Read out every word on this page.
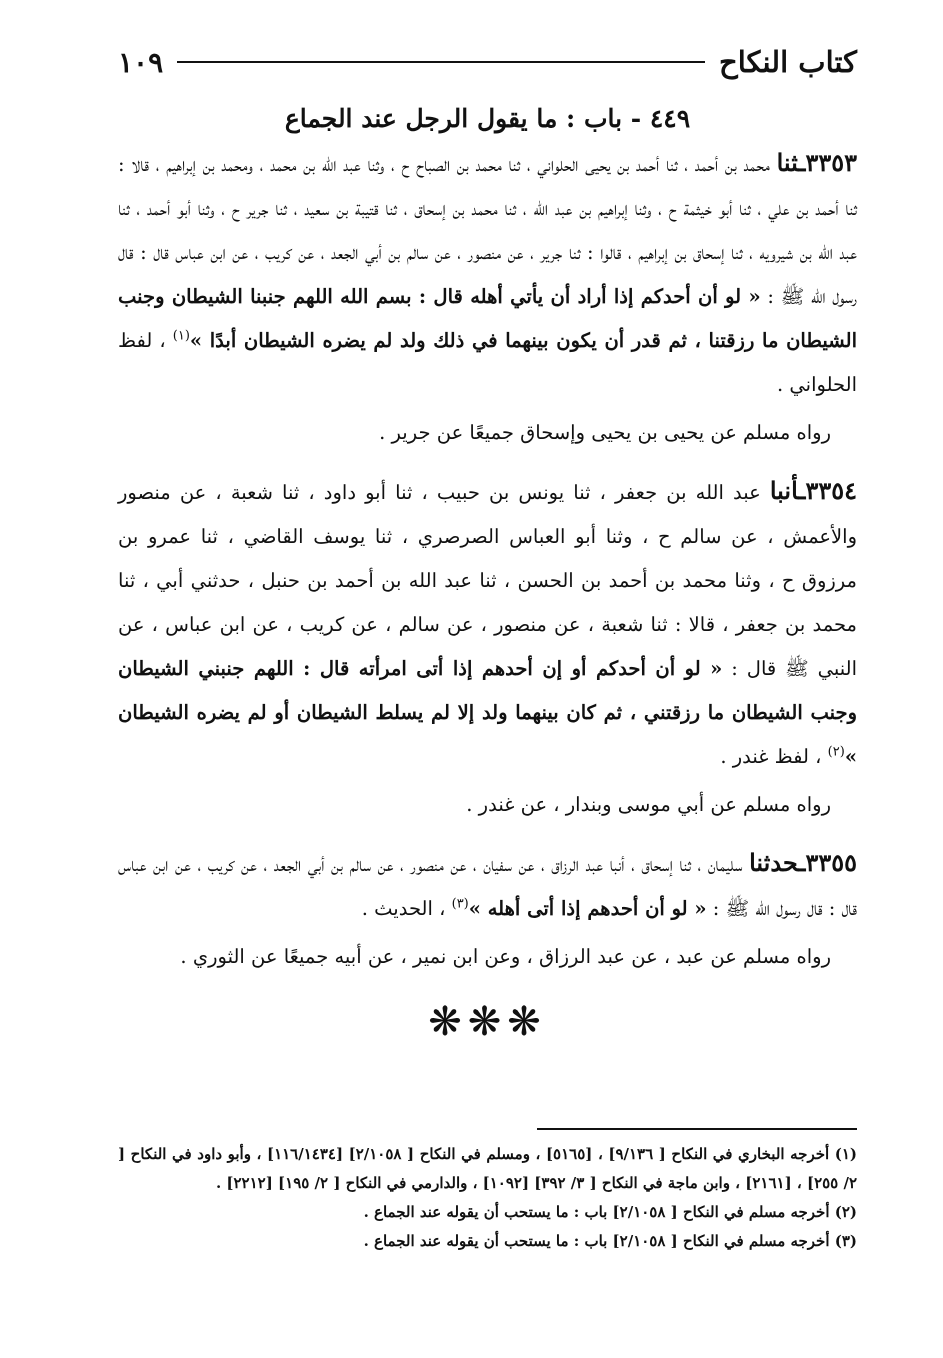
١٠٩	كتاب النكاح
٤٤٩ - باب : ما يقول الرجل عند الجماع

٣٣٥٣ـثنا محمد بن أحمد ، ثنا أحمد بن يحيى الحلواني ، ثنا محمد بن الصباح ح ، وثنا عبد الله بن محمد ، ومحمد بن إبراهيم ، قالا : ثنا أحمد بن علي ، ثنا أبو خيثمة ح ، وثنا إبراهيم بن عبد الله ، ثنا محمد بن إسحاق ، ثنا قتيبة بن سعيد ، ثنا جرير ح ، وثنا أبو أحمد ، ثنا عبد الله بن شيرويه ، ثنا إسحاق بن إبراهيم ، قالوا : ثنا جرير ، عن منصور ، عن سالم بن أبي الجعد ، عن كريب ، عن ابن عباس قال : قال رسول الله ﷺ : « لو أن أحدكم إذا أراد أن يأتي أهله قال : بسم الله اللهم جنبنا الشيطان وجنب الشيطان ما رزقتنا ، ثم قدر أن يكون بينهما في ذلك ولد لم يضره الشيطان أبدًا »$^{(١)}$ ، لفظ الحلواني .

رواه مسلم عن يحيى بن يحيى وإسحاق جميعًا عن جرير .

٣٣٥٤ـأنبا عبد الله بن جعفر ، ثنا يونس بن حبيب ، ثنا أبو داود ، ثنا شعبة ، عن منصور والأعمش ، عن سالم ح ، وثنا أبو العباس الصرصري ، ثنا يوسف القاضي ، ثنا عمرو بن مرزوق ح ، وثنا محمد بن أحمد بن الحسن ، ثنا عبد الله بن أحمد بن حنبل ، حدثني أبي ، ثنا محمد بن جعفر ، قالا : ثنا شعبة ، عن منصور ، عن سالم ، عن كريب ، عن ابن عباس ، عن النبي ﷺ قال : « لو أن أحدكم أو إن أحدهم إذا أتى امرأته قال : اللهم جنبني الشيطان وجنب الشيطان ما رزقتني ، ثم كان بينهما ولد إلا لم يسلط الشيطان أو لم يضره الشيطان »$^{(٢)}$ ، لفظ غندر .

رواه مسلم عن أبي موسى وبندار ، عن غندر .

٣٣٥٥ـحدثنا سليمان ، ثنا إسحاق ، أنبا عبد الرزاق ، عن سفيان ، عن منصور ، عن سالم بن أبي الجعد ، عن كريب ، عن ابن عباس قال : قال رسول الله ﷺ : « لو أن أحدهم إذا أتى أهله »$^{(٣)}$ ، الحديث .

رواه مسلم عن عبد ، عن عبد الرزاق ، وعن ابن نمير ، عن أبيه جميعًا عن الثوري .

❋❋❋
(١) أخرجه البخاري في النكاح [ ٩/١٣٦] ، [٥١٦٥] ، ومسلم في النكاح [ ٢/١٠٥٨] [١١٦/١٤٣٤] ، وأبو داود في النكاح [ ٢/ ٢٥٥] ، [٢١٦١] ، وابن ماجة في النكاح [ ٣/ ٣٩٢] [١٠٩٢] ، والدارمي في النكاح [ ٢/ ١٩٥] [٢٢١٢] .
(٢) أخرجه مسلم في النكاح [ ٢/١٠٥٨] باب : ما يستحب أن يقوله عند الجماع .
(٣) أخرجه مسلم في النكاح [ ٢/١٠٥٨] باب : ما يستحب أن يقوله عند الجماع .
